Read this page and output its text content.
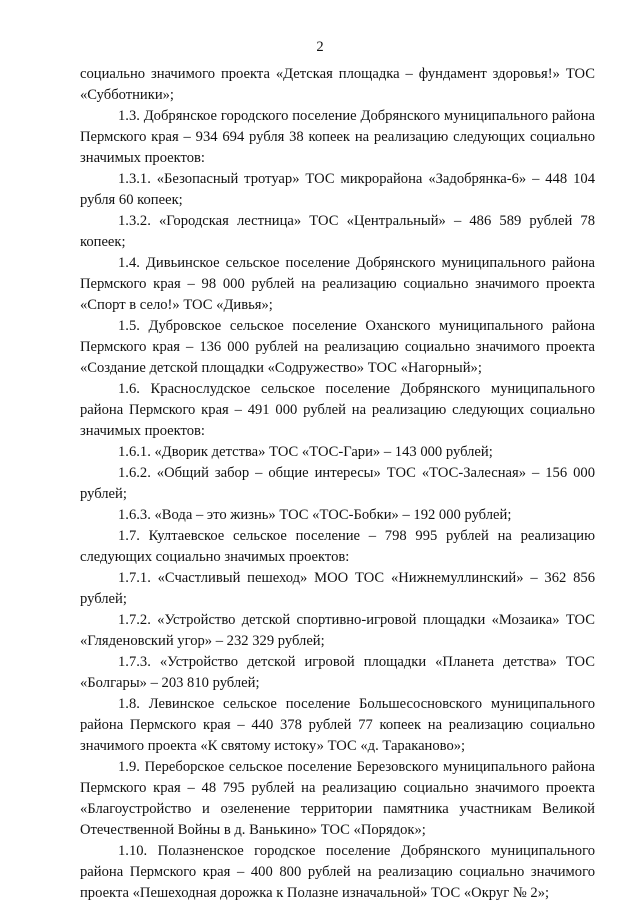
2

социально значимого проекта «Детская площадка – фундамент здоровья!» ТОС «Субботники»;

1.3. Добрянское городского поселение Добрянского муниципального района Пермского края – 934 694 рубля 38 копеек на реализацию следующих социально значимых проектов:

1.3.1. «Безопасный тротуар» ТОС микрорайона «Задобрянка-6» – 448 104 рубля 60 копеек;

1.3.2. «Городская лестница» ТОС «Центральный» – 486 589 рублей 78 копеек;

1.4. Дивьинское сельское поселение Добрянского муниципального района Пермского края – 98 000 рублей на реализацию социально значимого проекта «Спорт в село!» ТОС «Дивья»;

1.5. Дубровское сельское поселение Оханского муниципального района Пермского края – 136 000 рублей на реализацию социально значимого проекта «Создание детской площадки «Содружество» ТОС «Нагорный»;

1.6. Краснослудское сельское поселение Добрянского муниципального района Пермского края – 491 000 рублей на реализацию следующих социально значимых проектов:

1.6.1. «Дворик детства» ТОС «ТОС-Гари» – 143 000 рублей;

1.6.2. «Общий забор – общие интересы» ТОС «ТОС-Залесная» – 156 000 рублей;

1.6.3. «Вода – это жизнь» ТОС «ТОС-Бобки» – 192 000 рублей;

1.7. Култаевское сельское поселение – 798 995 рублей на реализацию следующих социально значимых проектов:

1.7.1. «Счастливый пешеход» МОО ТОС «Нижнемуллинский» – 362 856 рублей;

1.7.2. «Устройство детской спортивно-игровой площадки «Мозаика» ТОС «Гляденовский угор» – 232 329 рублей;

1.7.3. «Устройство детской игровой площадки «Планета детства» ТОС «Болгары» – 203 810 рублей;

1.8. Левинское сельское поселение Большесосновского муниципального района Пермского края – 440 378 рублей 77 копеек на реализацию социально значимого проекта «К святому истоку» ТОС «д. Тараканово»;

1.9. Переборское сельское поселение Березовского муниципального района Пермского края – 48 795 рублей на реализацию социально значимого проекта «Благоустройство и озеленение территории памятника участникам Великой Отечественной Войны в д. Ванькино» ТОС «Порядок»;

1.10. Полазненское городское поселение Добрянского муниципального района Пермского края – 400 800 рублей на реализацию социально значимого проекта «Пешеходная дорожка к Полазне изначальной» ТОС «Округ № 2»;
